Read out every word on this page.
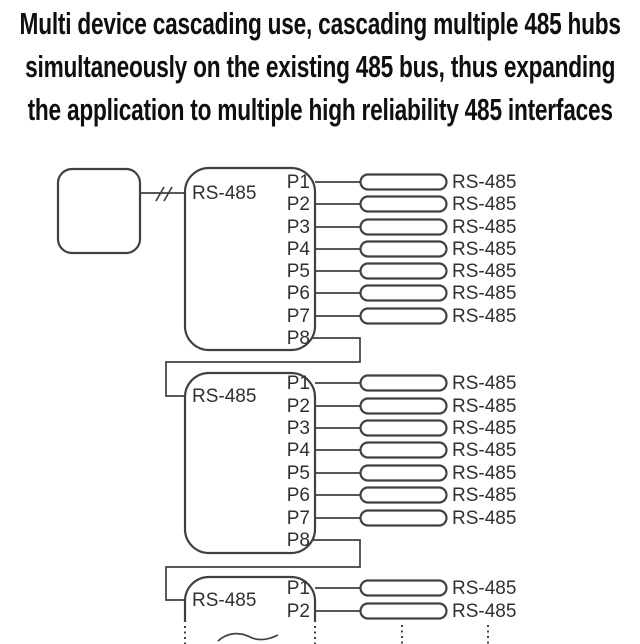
Multi device cascading use, cascading multiple 485 hubs
simultaneously on the existing 485 bus, thus expanding
the application to multiple high reliability 485 interfaces
RS-485
P1
P2
P3
P4
P5
P6
P7
P8
RS-485
RS-485
RS-485
RS-485
RS-485
RS-485
RS-485
RS-485
P1
P2
P3
P4
P5
P6
P7
P8
RS-485
RS-485
RS-485
RS-485
RS-485
RS-485
RS-485
RS-485
P1
P2
RS-485
RS-485
